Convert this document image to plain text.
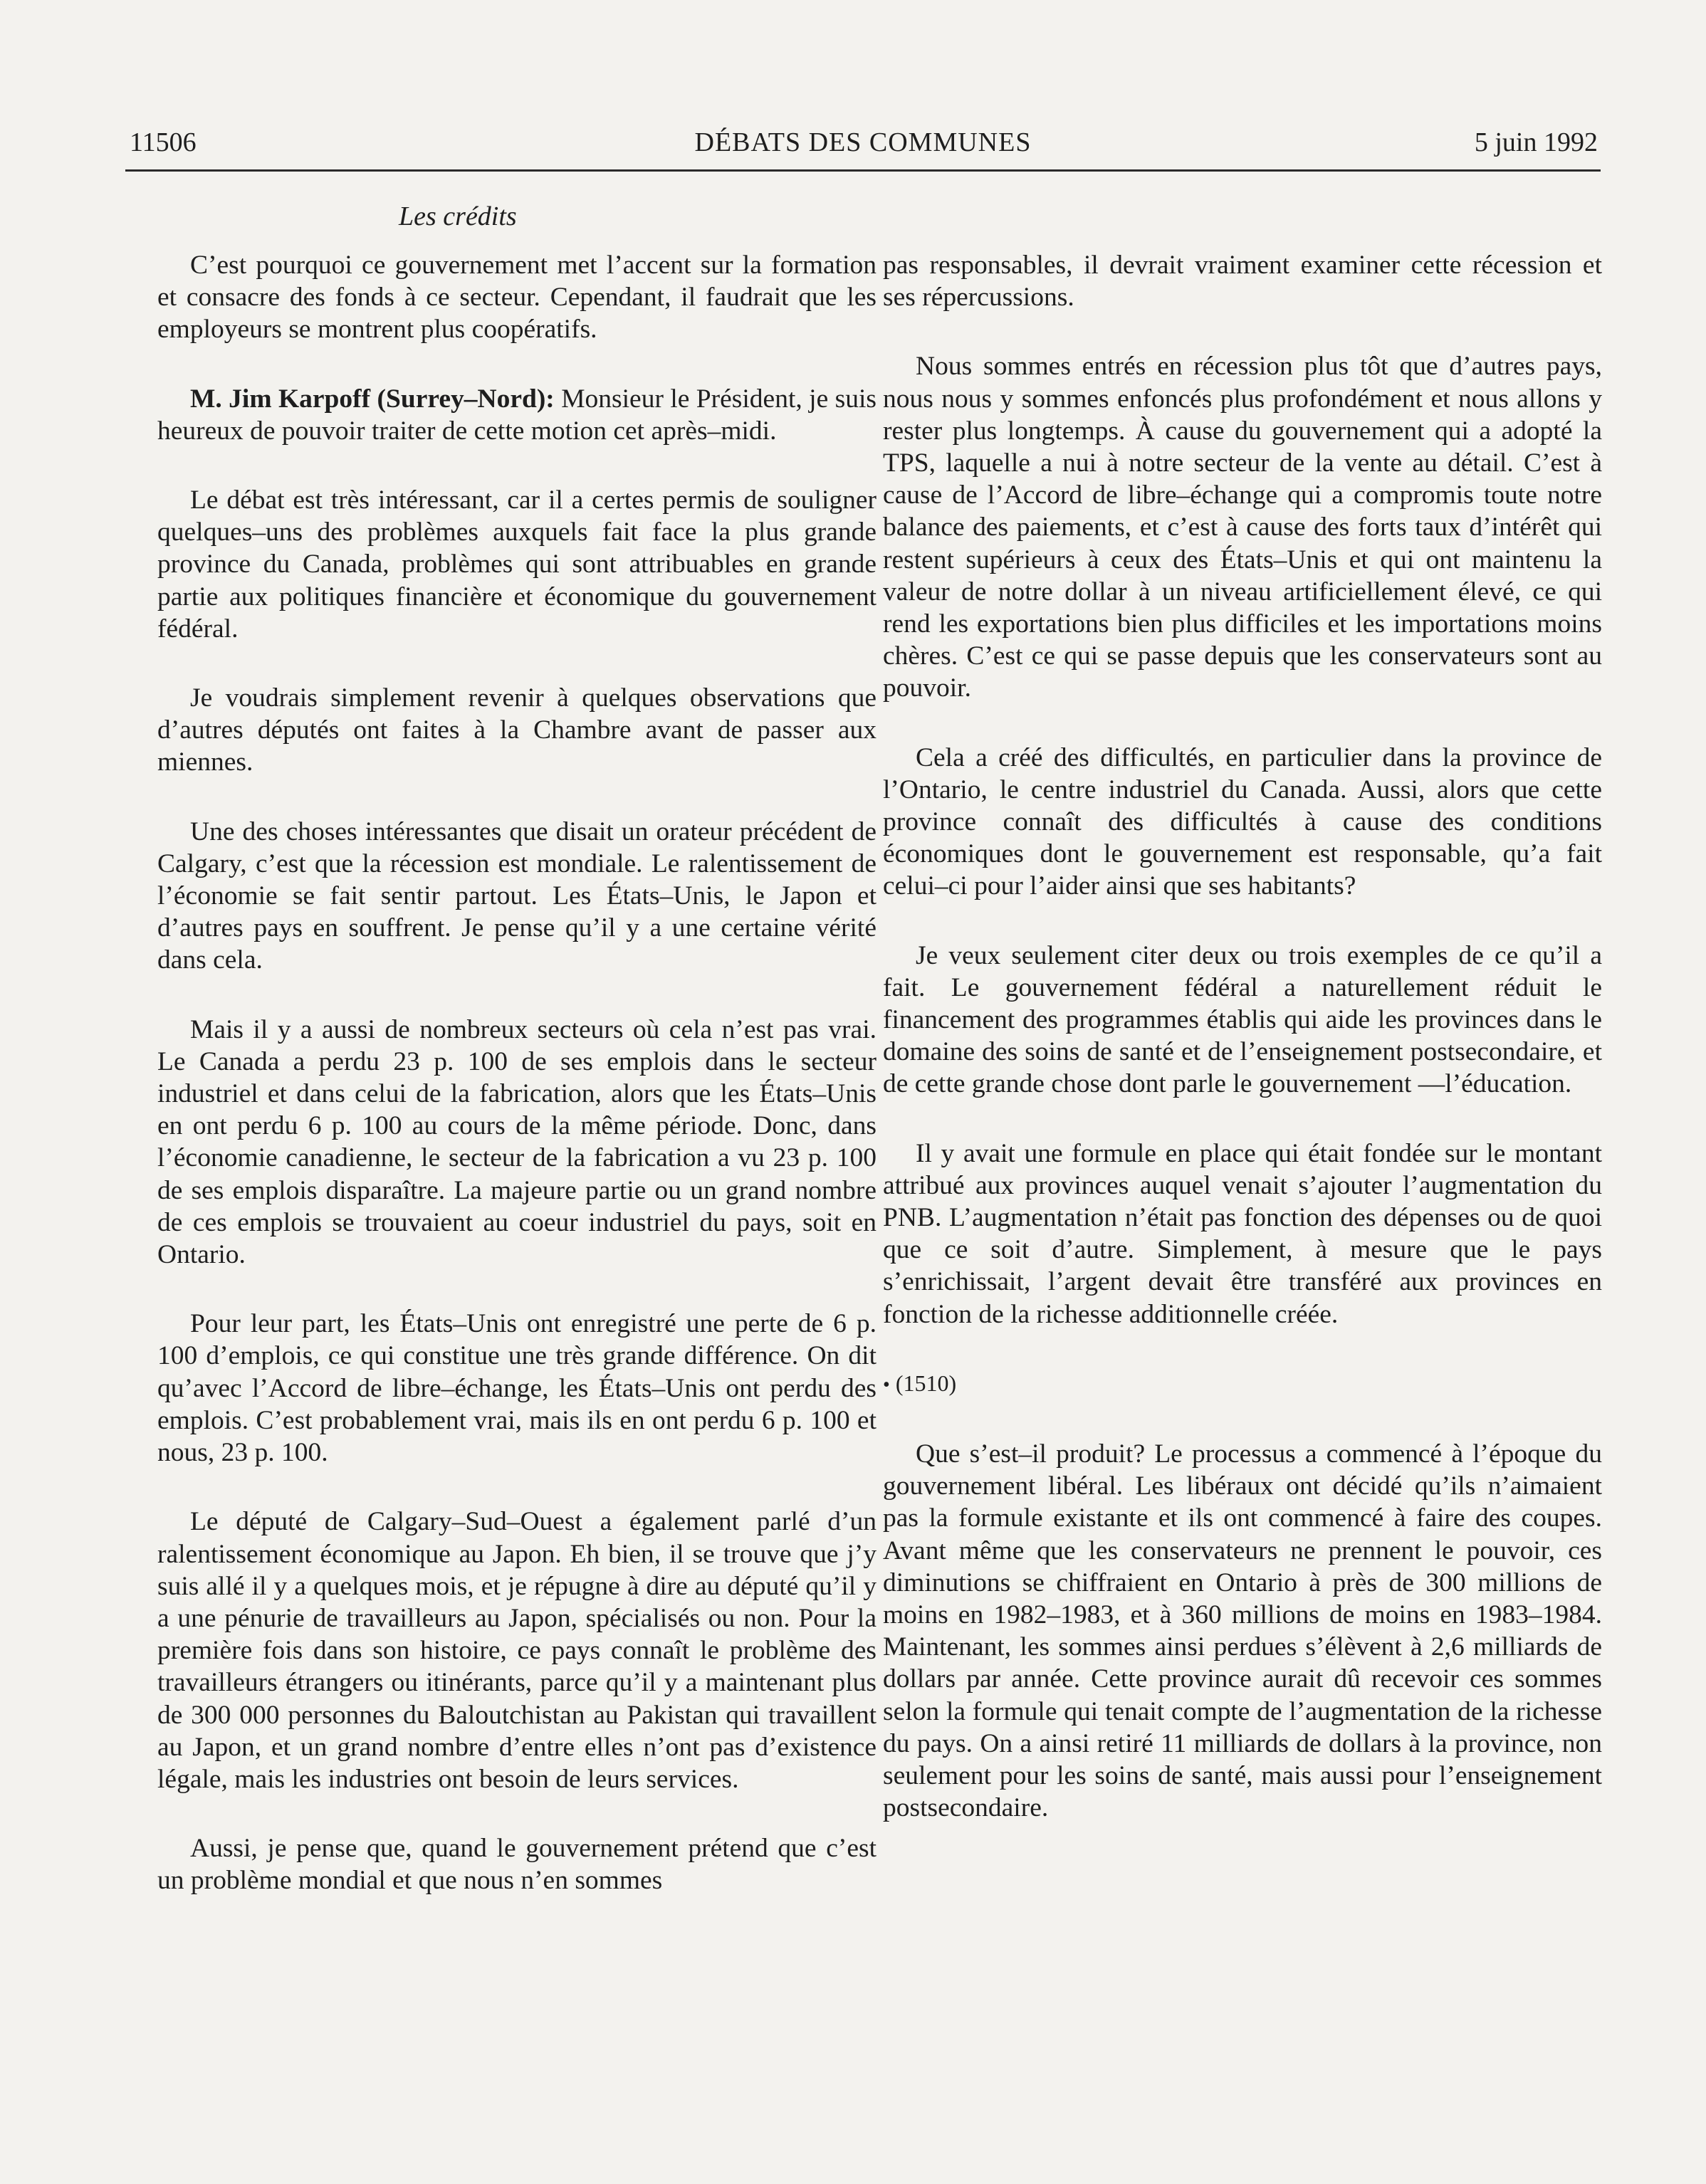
11506	DÉBATS DES COMMUNES	5 juin 1992
Les crédits

C’est pourquoi ce gouvernement met l’accent sur la formation et consacre des fonds à ce secteur. Cependant, il faudrait que les employeurs se montrent plus coopératifs.

M. Jim Karpoff (Surrey–Nord): Monsieur le Président, je suis heureux de pouvoir traiter de cette motion cet après–midi.

Le débat est très intéressant, car il a certes permis de souligner quelques–uns des problèmes auxquels fait face la plus grande province du Canada, problèmes qui sont attribuables en grande partie aux politiques financière et économique du gouvernement fédéral.

Je voudrais simplement revenir à quelques observations que d’autres députés ont faites à la Chambre avant de passer aux miennes.

Une des choses intéressantes que disait un orateur précédent de Calgary, c’est que la récession est mondiale. Le ralentissement de l’économie se fait sentir partout. Les États–Unis, le Japon et d’autres pays en souffrent. Je pense qu’il y a une certaine vérité dans cela.

Mais il y a aussi de nombreux secteurs où cela n’est pas vrai. Le Canada a perdu 23 p. 100 de ses emplois dans le secteur industriel et dans celui de la fabrication, alors que les États–Unis en ont perdu 6 p. 100 au cours de la même période. Donc, dans l’économie canadienne, le secteur de la fabrication a vu 23 p. 100 de ses emplois disparaître. La majeure partie ou un grand nombre de ces emplois se trouvaient au coeur industriel du pays, soit en Ontario.

Pour leur part, les États–Unis ont enregistré une perte de 6 p. 100 d’emplois, ce qui constitue une très grande différence. On dit qu’avec l’Accord de libre–échange, les États–Unis ont perdu des emplois. C’est probablement vrai, mais ils en ont perdu 6 p. 100 et nous, 23 p. 100.

Le député de Calgary–Sud–Ouest a également parlé d’un ralentissement économique au Japon. Eh bien, il se trouve que j’y suis allé il y a quelques mois, et je répugne à dire au député qu’il y a une pénurie de travailleurs au Japon, spécialisés ou non. Pour la première fois dans son histoire, ce pays connaît le problème des travailleurs étrangers ou itinérants, parce qu’il y a maintenant plus de 300 000 personnes du Baloutchistan au Pakistan qui travaillent au Japon, et un grand nombre d’entre elles n’ont pas d’existence légale, mais les industries ont besoin de leurs services.

Aussi, je pense que, quand le gouvernement prétend que c’est un problème mondial et que nous n’en sommes

pas responsables, il devrait vraiment examiner cette récession et ses répercussions.

Nous sommes entrés en récession plus tôt que d’autres pays, nous nous y sommes enfoncés plus profondément et nous allons y rester plus longtemps. À cause du gouvernement qui a adopté la TPS, laquelle a nui à notre secteur de la vente au détail. C’est à cause de l’Accord de libre–échange qui a compromis toute notre balance des paiements, et c’est à cause des forts taux d’intérêt qui restent supérieurs à ceux des États–Unis et qui ont maintenu la valeur de notre dollar à un niveau artificiellement élevé, ce qui rend les exportations bien plus difficiles et les importations moins chères. C’est ce qui se passe depuis que les conservateurs sont au pouvoir.

Cela a créé des difficultés, en particulier dans la province de l’Ontario, le centre industriel du Canada. Aussi, alors que cette province connaît des difficultés à cause des conditions économiques dont le gouvernement est responsable, qu’a fait celui–ci pour l’aider ainsi que ses habitants?

Je veux seulement citer deux ou trois exemples de ce qu’il a fait. Le gouvernement fédéral a naturellement réduit le financement des programmes établis qui aide les provinces dans le domaine des soins de santé et de l’enseignement postsecondaire, et de cette grande chose dont parle le gouvernement —l’éducation.

Il y avait une formule en place qui était fondée sur le montant attribué aux provinces auquel venait s’ajouter l’augmentation du PNB. L’augmentation n’était pas fonction des dépenses ou de quoi que ce soit d’autre. Simplement, à mesure que le pays s’enrichissait, l’argent devait être transféré aux provinces en fonction de la richesse additionnelle créée.

• (1510)

Que s’est–il produit? Le processus a commencé à l’époque du gouvernement libéral. Les libéraux ont décidé qu’ils n’aimaient pas la formule existante et ils ont commencé à faire des coupes. Avant même que les conservateurs ne prennent le pouvoir, ces diminutions se chiffraient en Ontario à près de 300 millions de moins en 1982–1983, et à 360 millions de moins en 1983–1984. Maintenant, les sommes ainsi perdues s’élèvent à 2,6 milliards de dollars par année. Cette province aurait dû recevoir ces sommes selon la formule qui tenait compte de l’augmentation de la richesse du pays. On a ainsi retiré 11 milliards de dollars à la province, non seulement pour les soins de santé, mais aussi pour l’enseignement postsecondaire.
